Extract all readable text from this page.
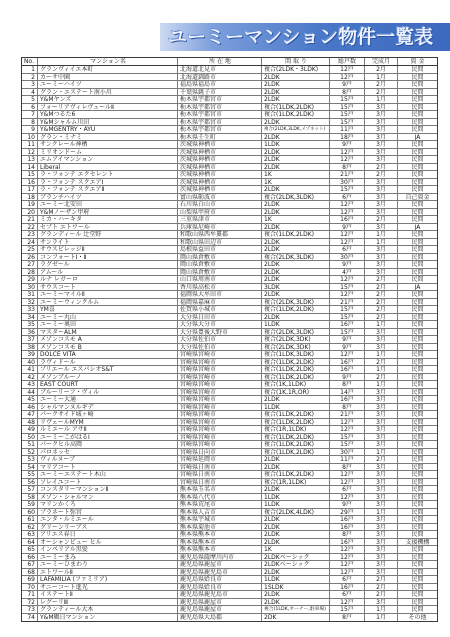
ユーミーマンション物件一覧表
No.	マンション名	所 在 地	間 取 り	総戸数	完成月	資 金
1 グランヴィイエ本町	北海道北見市	複合(2LDK・3LDK)	12戸	2月	民間
2 カーサ中園	北海道釧路市	2LDK	12戸	1月	民間
3 ユーミーハイツ	福島県福島市	2LDK	9戸	2月	民間
4 グラン・エステート南小川	千葉県銚子市	2LDK	8戸	2月	民間
5 Y&Mヤンズ	栃木県宇都宮市	2LDK	15戸	1月	民間
6 フォーリアヴィレヴェールⅡ	栃木県宇都宮市	複合(1LDK,2LDK)	15戸	3月	民間
7 Y&Mつるた6	栃木県宇都宮市	複合(1LDK,2LDK)	15戸	3月	民間
8 Y&Mシャルム川田	栃木県宇都宮市	2LDK	15戸	3月	民間
9 Y&MGENTRY・AYU	栃木県宇都宮市	複合(2LDK,3LDK,メゾネット)	11戸	3月	民間
10 グラン・ミナミ	栃木県壬生町	2LDK	18戸	3月	JA
11 サンクレール神栖	茨城県神栖市	1LDK	9戸	3月	民間
12 ミリオンドーム	茨城県神栖市	2LDK	12戸	3月	民間
13 エムアイマンション	茨城県神栖市	2LDK	12戸	3月	民間
14 Liberal	茨城県神栖市	2LDK	8戸	2月	民間
15 ラ・フォンテ エクセレント	茨城県神栖市	1K	21戸	2月	民間
16 ラ・フォンテ スクエアⅠ	茨城県神栖市	1K	30戸	3月	民間
17 ラ・フォンテ スクエアⅡ	茨城県神栖市	2LDK	15戸	3月	民間
18 ブランチハイツ	富山県砺波市	複合(2LDK,3LDK)	6戸	3月	自己資金
19 ユーミー北安田	石川県白山市	2LDK	12戸	3月	民間
20 Y&Mノーザン甲府	山梨県甲府市	2LDK	12戸	3月	民間
21 ミカ・ハーキタ	三重県津市	1K	16戸	2月	民間
22 セプト エトワール	兵庫県尼崎市	2LDK	9戸	3月	JA
23 グランディール 辻堂野	和歌山県西牟婁郡	複合(1LDK,2LDK)	12戸	1月	民間
24 サンライト	和歌山県田辺市	2LDK	12戸	1月	民間
25 サウスビレッジⅡ	島根県益田市	2LDK	6戸	3月	民間
26 コンフォートⅠ・Ⅱ	岡山県倉敷市	複合(2LDK,3LDK)	30戸	3月	民間
27 ラグゼール	岡山県倉敷市	2LDK	9戸	3月	民間
28 アムール	岡山県倉敷市	2LDK	4戸	3月	民間
29 ルナ レガーロ	山口県周南市	2LDK	12戸	2月	民間
30 サウスコート	香川県高松市	3LDK	15戸	2月	JA
31 ユーミーマイルⅡ	福岡県大牟田市	2LDK	12戸	2月	民間
32 ユーミーウィンクルム	福岡県嘉麻市	複合(2LDK,3LDK)	21戸	2月	民間
33 YM喜	佐賀県小城市	複合(1LDK,2LDK)	15戸	2月	民間
34 ユーミー丸山	大分県日田市	2LDK	15戸	2月	民間
35 ユーミー奥田	大分県大分市	1LDK	16戸	1月	民間
36 マスターALM	大分県豊後大野市	複合(2LDK,3LDK)	15戸	3月	民間
37 メゾンコスモ A	大分県佐伯市	複合(2LDK,3DK)	9戸	3月	民間
38 メゾンコスモ B	大分県佐伯市	複合(2LDK,3DK)	9戸	3月	民間
39 DOLCE VITA	宮崎県宮崎市	複合(1LDK,3LDK)	12戸	1月	民間
40 ラヴィドール	宮崎県宮崎市	複合(1LDK,2LDK)	16戸	2月	民間
41 プリエール エスパシオS&T	宮崎県宮崎市	複合(1LDK,2LDK)	16戸	1月	民間
42 メゾンブルーノ	宮崎県宮崎市	複合(1LDK,2LDK)	9戸	2月	民間
43 EAST COURT	宮崎県宮崎市	複合(1K,1LDK)	8戸	1月	民間
44 ブルーリーフ・ヴィル	宮崎県宮崎市	複合(1K,1R,OR)	14戸	3月	民間
45 ユーミー大通	宮崎県宮崎市	2LDK	16戸	3月	民間
46 シャルマンヌルギデ	宮崎県宮崎市	1LDK	8戸	3月	民間
47 パークサイド城ヶ崎	宮崎県宮崎市	複合(1LDK,2LDK)	21戸	3月	民間
48 リヴェールMYM	宮崎県宮崎市	複合(1LDK,2LDK)	12戸	3月	民間
49 ルミエール アサⅡ	宮崎県宮崎市	複合(1R,1LDK)	12戸	3月	民間
50 ユーミーこがはるⅠ	宮崎県宮崎市	複合(1LDK,2LDK)	15戸	3月	民間
51 パークヒル高岡	宮崎県宮崎市	複合(1LDK,2LDK)	15戸	3月	民間
52 パロネッセ	宮崎県日向市	複合(1LDK,2LDK)	30戸	1月	民間
53 ヴィルヌーブ	宮崎県延岡市	2LDK	11戸	2月	民間
54 マリアコート	宮崎県日南市	2LDK	8戸	3月	民間
55 ユーミーエステート木山	宮崎県日南市	複合(1LDK,2LDK)	12戸	3月	民間
56 ソレイユコート	宮崎県日南市	複合(1R,1LDK)	12戸	3月	民間
57 コンスタリーマンションⅡ	熊本県玉名市	2LDK	6戸	3月	民間
58 メゾン・シャルマン	熊本県八代市	1LDK	12戸	3月	民間
59 マリンかくろ	熊本県荒尾市	1LDK	9戸	3月	民間
60 プラネート弥宮	熊本県人吉市	複合(2LDK,4LDK)	29戸	1月	民間
61 ユンタ・ルミエール	熊本県宇城市	2LDK	16戸	3月	民間
62 グリーンリーブス	熊本県菊池市	2LDK	16戸	3月	民間
63 アリエス春日	熊本県熊本市	2LDK	8戸	3月	民間
64 オーシャンビュー ヒル	熊本県熊本市	2LDK	16戸	3月	支援機構
65 インペリアル黒髪	熊本県熊本市	1K	12戸	3月	民間
66 ユーミーまみ	鹿児島県薩摩川内市	2LDKベーシック	12戸	3月	民間
67 ユーミーひまわり	鹿児島県鹿屋市	2LDKベーシック	12戸	3月	民間
68 エトワールⅡ	鹿児島県鹿児島市	2LDK	12戸	3月	民間
69 LAFAMILIA (ファミリア)	鹿児島県姶良市	1LDK	6戸	2月	民間
70 サニーコート進光	鹿児島県姶良市	1SLDK	16戸	2月	民間
71 イステートⅡ	鹿児島県鹿児島市	2LDK	6戸	2月	民間
72 レグーリⅢ	鹿児島県鹿屋市	2LDK	12戸	3月	民間
73 グランティール大木	鹿児島県鹿屋市	複合(1LDK,オーナー,駐車場)	15戸	1月	民間
74 Y&M鶴日マンション	鹿児島県大島郡	2DK	8戸	1月	その他
